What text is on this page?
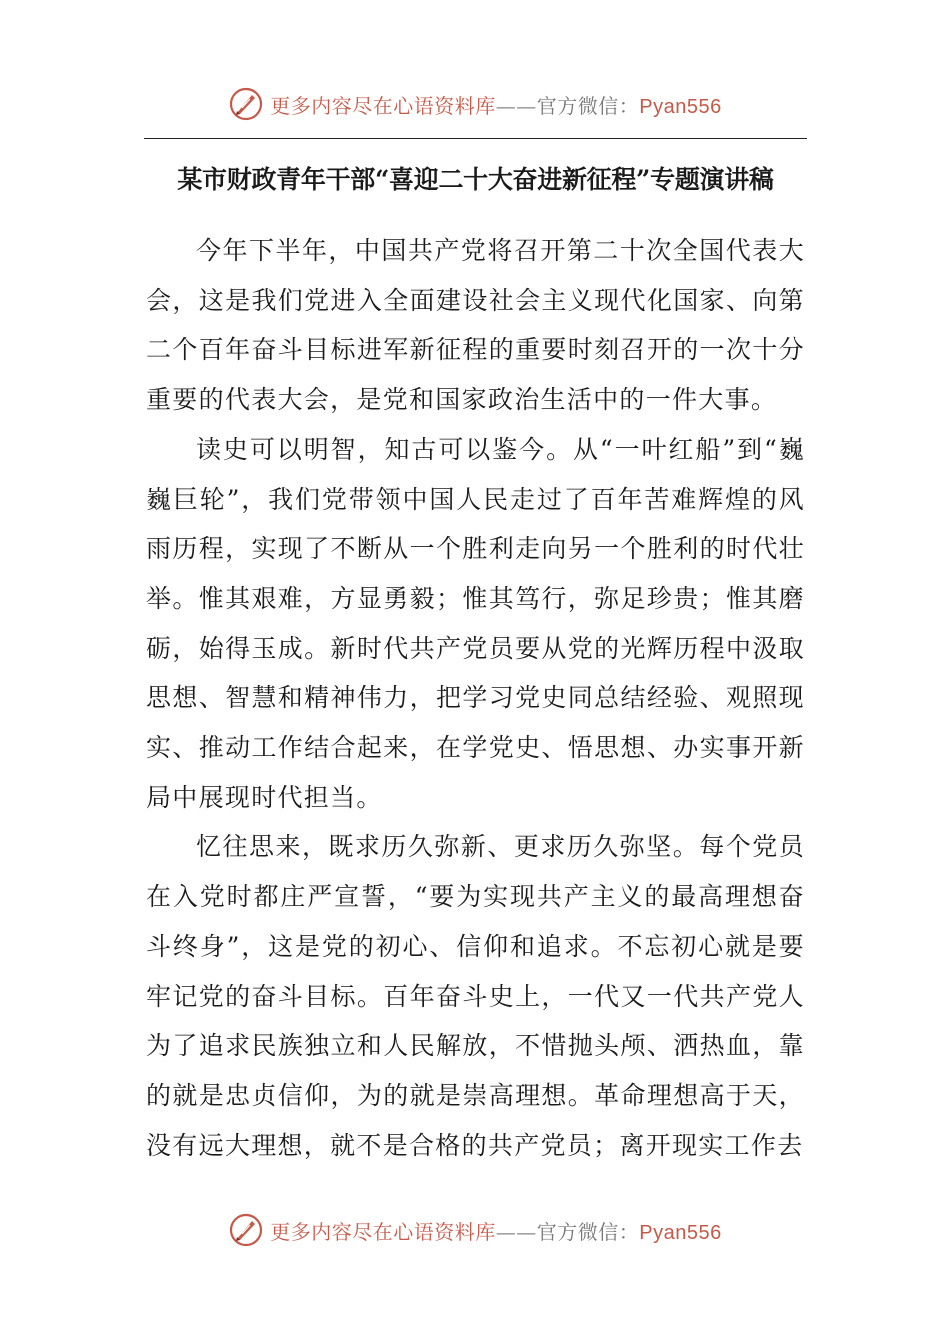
更多内容尽在心语资料库——官方微信：Pyan556
某市财政青年干部“喜迎二十大奋进新征程”专题演讲稿

今年下半年，中国共产党将召开第二十次全国代表大会，这是我们党进入全面建设社会主义现代化国家、向第二个百年奋斗目标进军新征程的重要时刻召开的一次十分重要的代表大会，是党和国家政治生活中的一件大事。

读史可以明智，知古可以鉴今。从“一叶红船”到“巍巍巨轮”，我们党带领中国人民走过了百年苦难辉煌的风雨历程，实现了不断从一个胜利走向另一个胜利的时代壮举。惟其艰难，方显勇毅；惟其笃行，弥足珍贵；惟其磨砺，始得玉成。新时代共产党员要从党的光辉历程中汲取思想、智慧和精神伟力，把学习党史同总结经验、观照现实、推动工作结合起来，在学党史、悟思想、办实事开新局中展现时代担当。

忆往思来，既求历久弥新、更求历久弥坚。每个党员在入党时都庄严宣誓，“要为实现共产主义的最高理想奋斗终身”，这是党的初心、信仰和追求。不忘初心就是要牢记党的奋斗目标。百年奋斗史上，一代又一代共产党人为了追求民族独立和人民解放，不惜抛头颅、洒热血，靠的就是忠贞信仰，为的就是崇高理想。革命理想高于天，没有远大理想，就不是合格的共产党员；离开现实工作去

更多内容尽在心语资料库——官方微信：Pyan556
